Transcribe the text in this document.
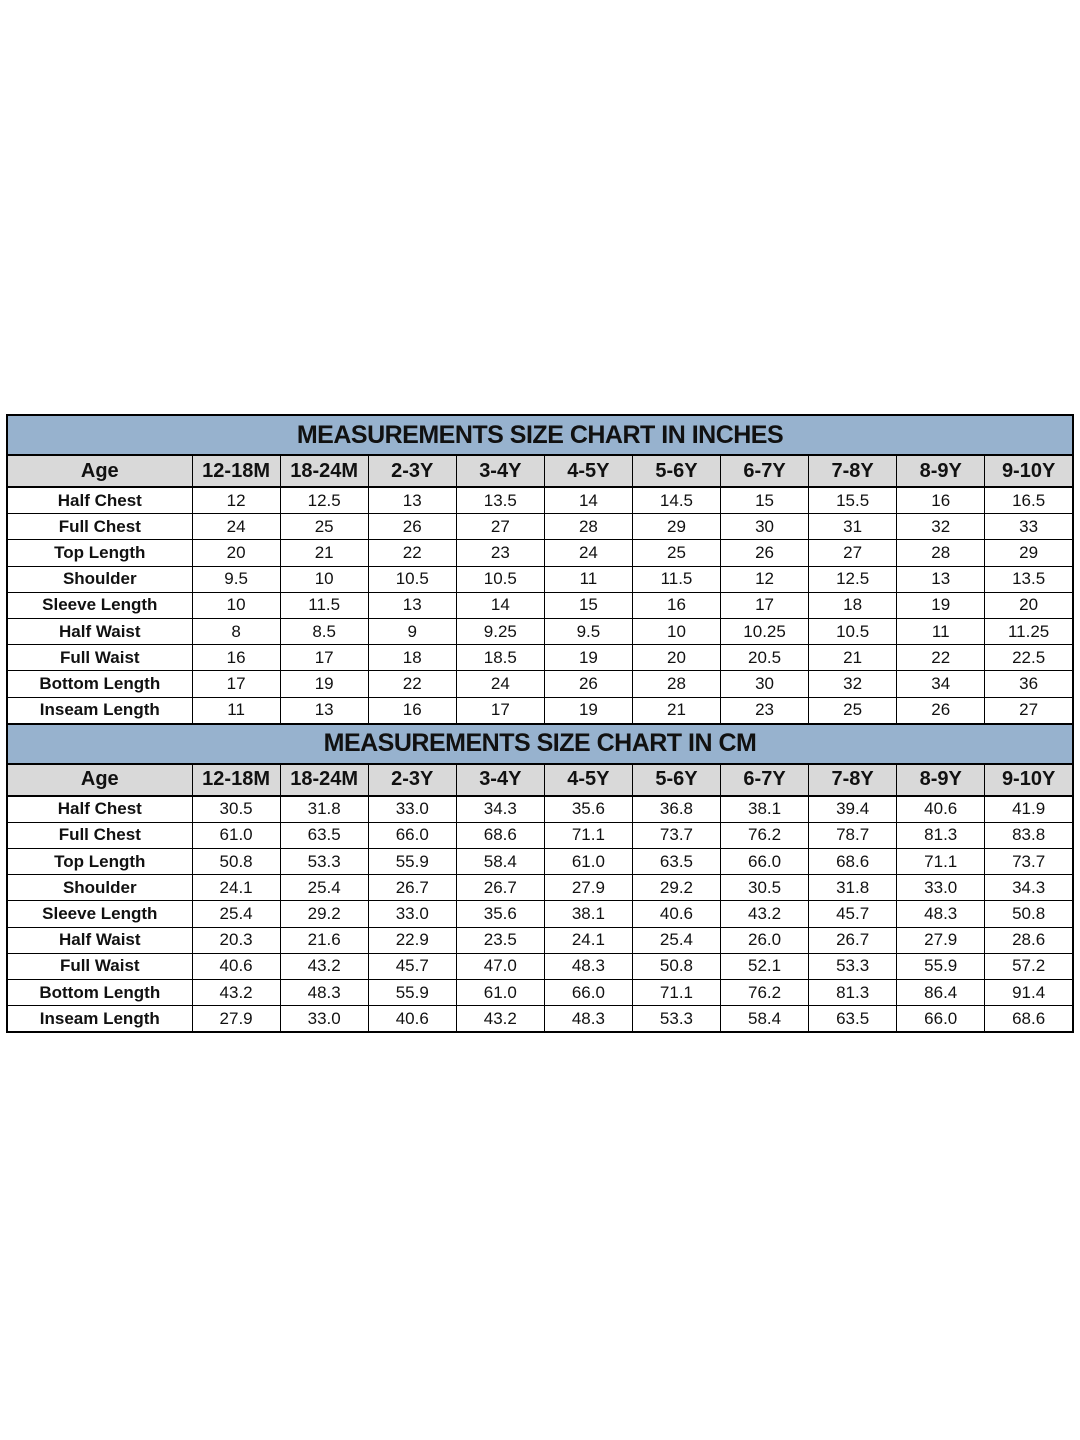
MEASUREMENTS SIZE CHART IN INCHES										
Age	12-18M	18-24M	2-3Y	3-4Y	4-5Y	5-6Y	6-7Y	7-8Y	8-9Y	9-10Y
Half Chest	12	12.5	13	13.5	14	14.5	15	15.5	16	16.5
Full Chest	24	25	26	27	28	29	30	31	32	33
Top Length	20	21	22	23	24	25	26	27	28	29
Shoulder	9.5	10	10.5	10.5	11	11.5	12	12.5	13	13.5
Sleeve Length	10	11.5	13	14	15	16	17	18	19	20
Half Waist	8	8.5	9	9.25	9.5	10	10.25	10.5	11	11.25
Full Waist	16	17	18	18.5	19	20	20.5	21	22	22.5
Bottom Length	17	19	22	24	26	28	30	32	34	36
Inseam Length	11	13	16	17	19	21	23	25	26	27
MEASUREMENTS SIZE CHART IN CM										
Age	12-18M	18-24M	2-3Y	3-4Y	4-5Y	5-6Y	6-7Y	7-8Y	8-9Y	9-10Y
Half Chest	30.5	31.8	33.0	34.3	35.6	36.8	38.1	39.4	40.6	41.9
Full Chest	61.0	63.5	66.0	68.6	71.1	73.7	76.2	78.7	81.3	83.8
Top Length	50.8	53.3	55.9	58.4	61.0	63.5	66.0	68.6	71.1	73.7
Shoulder	24.1	25.4	26.7	26.7	27.9	29.2	30.5	31.8	33.0	34.3
Sleeve Length	25.4	29.2	33.0	35.6	38.1	40.6	43.2	45.7	48.3	50.8
Half Waist	20.3	21.6	22.9	23.5	24.1	25.4	26.0	26.7	27.9	28.6
Full Waist	40.6	43.2	45.7	47.0	48.3	50.8	52.1	53.3	55.9	57.2
Bottom Length	43.2	48.3	55.9	61.0	66.0	71.1	76.2	81.3	86.4	91.4
Inseam Length	27.9	33.0	40.6	43.2	48.3	53.3	58.4	63.5	66.0	68.6
